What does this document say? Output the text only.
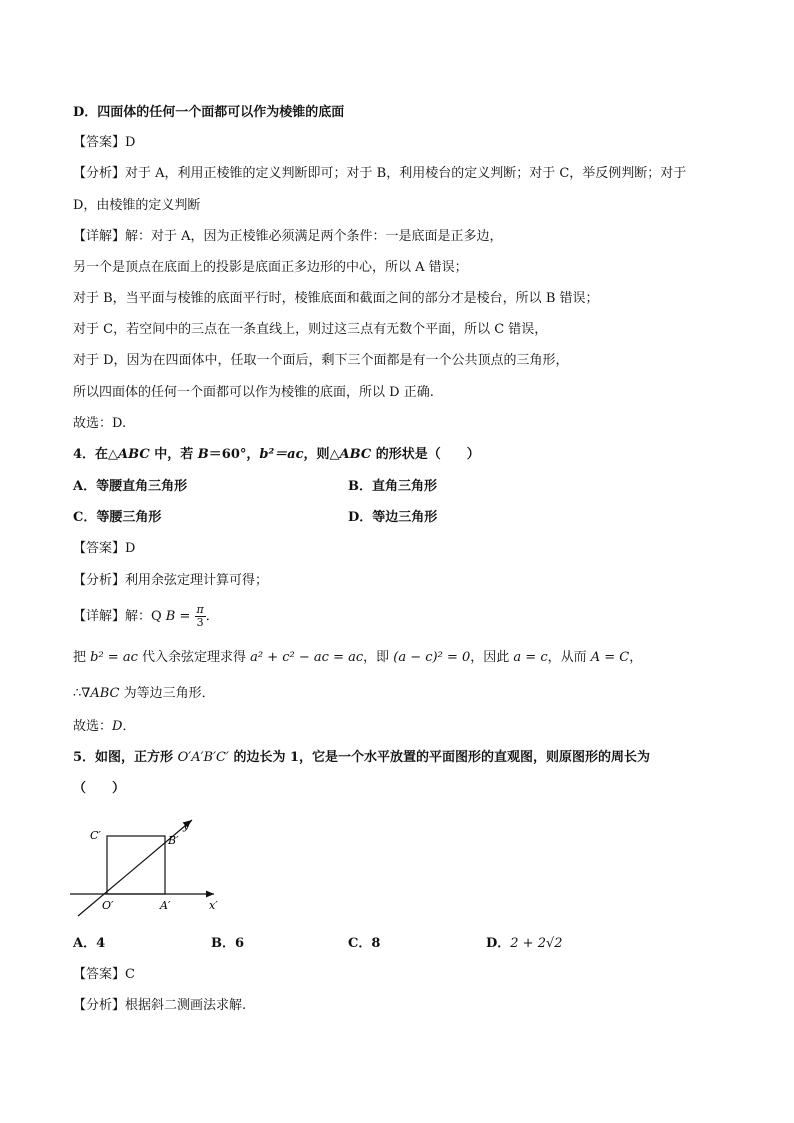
D．四面体的任何一个面都可以作为棱锥的底面
【答案】D
【分析】对于 A，利用正棱锥的定义判断即可；对于 B，利用棱台的定义判断；对于 C，举反例判断；对于
D，由棱锥的定义判断
【详解】解：对于 A，因为正棱锥必须满足两个条件：一是底面是正多边，
另一个是顶点在底面上的投影是底面正多边形的中心，所以 A 错误；
对于 B，当平面与棱锥的底面平行时，棱锥底面和截面之间的部分才是棱台，所以 B 错误；
对于 C，若空间中的三点在一条直线上，则过这三点有无数个平面，所以 C 错误，
对于 D，因为在四面体中，任取一个面后，剩下三个面都是有一个公共顶点的三角形，
所以四面体的任何一个面都可以作为棱锥的底面，所以 D 正确.
故选：D.
4．在△ABC 中，若 B＝60°，b²＝ac，则△ABC 的形状是（　　）
A．等腰直角三角形	B．直角三角形
C．等腰三角形	D．等边三角形
【答案】D
【分析】利用余弦定理计算可得；
【详解】解：Q $B = \frac{\pi}{3}$ ．
把 b² = ac 代入余弦定理求得 a² + c² − ac = ac，即 (a − c)² = 0，因此 a = c，从而 A = C，
∴∇ABC 为等边三角形．
故选：D．
5．如图，正方形 O′A′B′C′ 的边长为 1，它是一个水平放置的平面图形的直观图，则原图形的周长为
（　　）
C′	B′
y′
O′	A′	x′
A．4	B．6	C．8	D．2 + 2√2
【答案】C
【分析】根据斜二测画法求解.
